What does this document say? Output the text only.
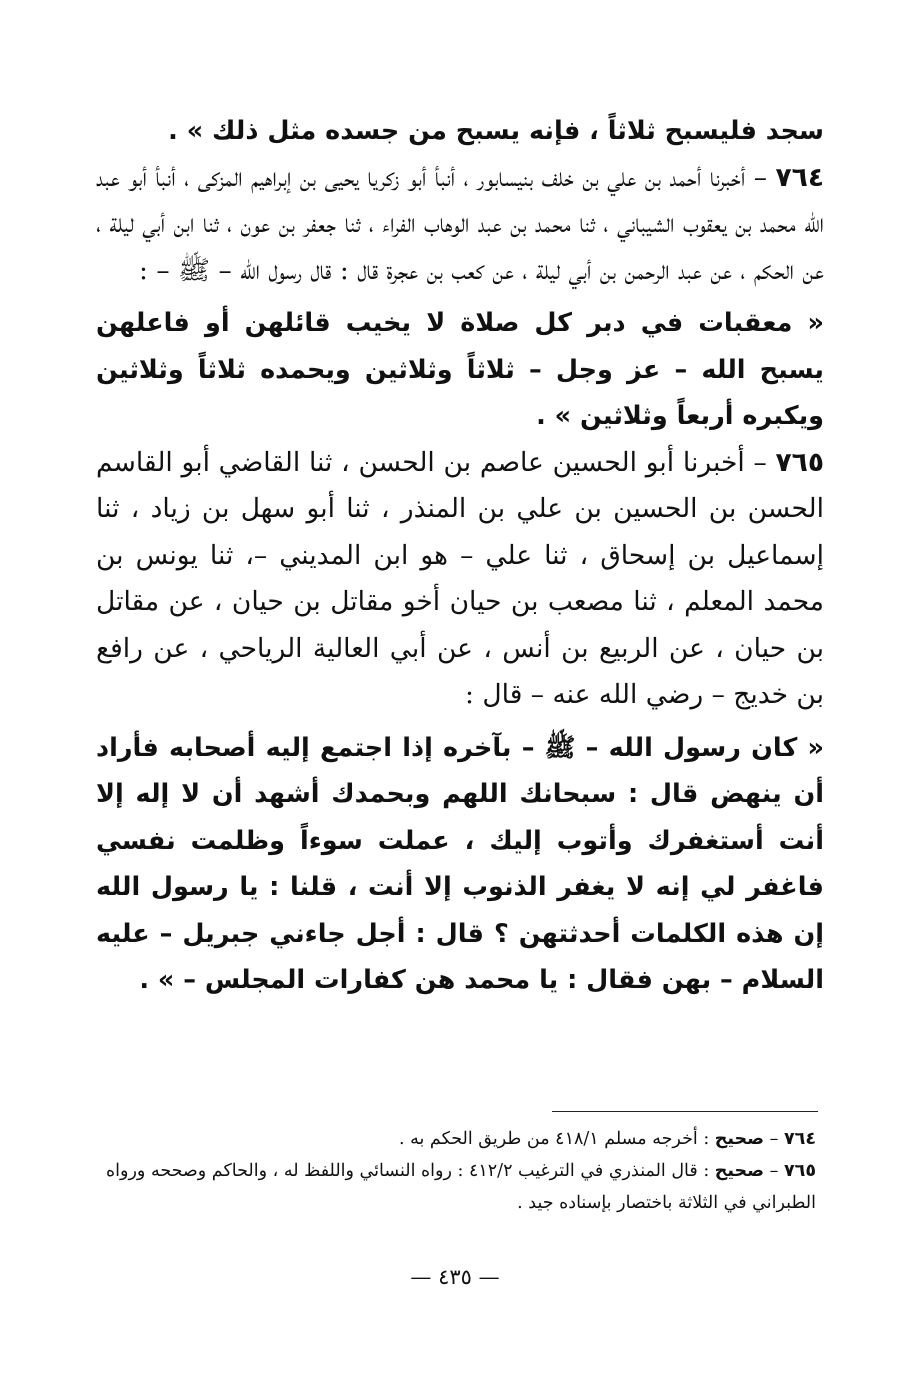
سجد فليسبح ثلاثاً ، فإنه يسبح من جسده مثل ذلك » .

٧٦٤ – أخبرنا أحمد بن علي بن خلف بنيسابور ، أنبأ أبو زكريا يحيى بن إبراهيم المزكى ، أنبأ أبو عبد الله محمد بن يعقوب الشيباني ، ثنا محمد بن عبد الوهاب الفراء ، ثنا جعفر بن عون ، ثنا ابن أبي ليلة ، عن الحكم ، عن عبد الرحمن بن أبي ليلة ، عن كعب بن عجرة قال : قال رسول الله – ﷺ – :

« معقبات في دبر كل صلاة لا يخيب قائلهن أو فاعلهن يسبح الله – عز وجل – ثلاثاً وثلاثين ويحمده ثلاثاً وثلاثين ويكبره أربعاً وثلاثين » .

٧٦٥ – أخبرنا أبو الحسين عاصم بن الحسن ، ثنا القاضي أبو القاسم الحسن بن الحسين بن علي بن المنذر ، ثنا أبو سهل بن زياد ، ثنا إسماعيل بن إسحاق ، ثنا علي – هو ابن المديني –، ثنا يونس بن محمد المعلم ، ثنا مصعب بن حيان أخو مقاتل بن حيان ، عن مقاتل بن حيان ، عن الربيع بن أنس ، عن أبي العالية الرياحي ، عن رافع بن خديج – رضي الله عنه – قال :

« كان رسول الله – ﷺ – بآخره إذا اجتمع إليه أصحابه فأراد أن ينهض قال : سبحانك اللهم وبحمدك أشهد أن لا إله إلا أنت أستغفرك وأتوب إليك ، عملت سوءاً وظلمت نفسي فاغفر لي إنه لا يغفر الذنوب إلا أنت ، قلنا : يا رسول الله إن هذه الكلمات أحدثتهن ؟ قال : أجل جاءني جبريل – عليه السلام – بهن فقال : يا محمد هن كفارات المجلس – » .

٧٦٤ – صحيح : أخرجه مسلم ٤١٨/١ من طريق الحكم به .

٧٦٥ – صحيح : قال المنذري في الترغيب ٤١٢/٢ : رواه النسائي واللفظ له ، والحاكم وصححه ورواه الطبراني في الثلاثة باختصار بإسناده جيد .

— ٤٣٥ —
